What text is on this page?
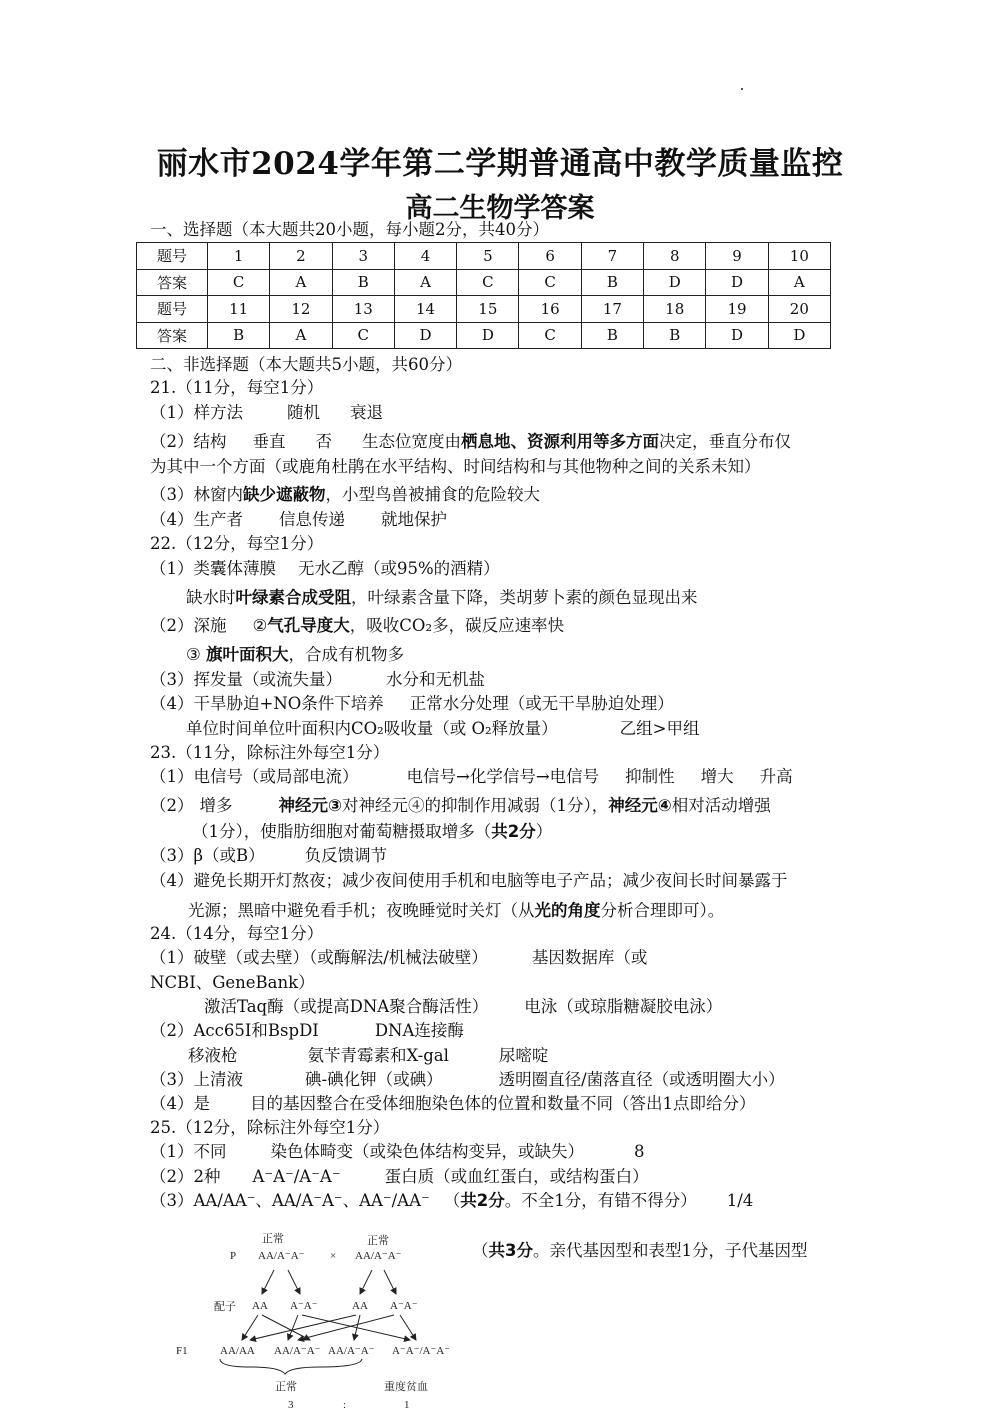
丽水市2024学年第二学期普通高中教学质量监控
高二生物学答案
一、选择题（本大题共20小题，每小题2分，共40分）
题号	1	2	3	4	5	6	7	8	9	10
答案	C	A	B	A	C	C	B	D	D	A
题号	11	12	13	14	15	16	17	18	19	20
答案	B	A	C	D	D	C	B	B	D	D
二、非选择题（本大题共5小题，共60分）
21.（11分，每空1分）
（1）样方法	随机 衰退
（2）结构 垂直 否 生态位宽度由栖息地、资源利用等多方面决定，垂直分布仅
为其中一个方面（或鹿角杜鹃在水平结构、时间结构和与其他物种之间的关系未知）
（3）林窗内缺少遮蔽物，小型鸟兽被捕食的危险较大
（4）生产者 信息传递 就地保护
22.（12分，每空1分）
（1）类囊体薄膜 无水乙醇（或95%的酒精）
缺水时叶绿素合成受阻，叶绿素含量下降，类胡萝卜素的颜色显现出来
（2）深施 ②气孔导度大，吸收CO₂多，碳反应速率快
③ 旗叶面积大，合成有机物多
（3）挥发量（或流失量）	水分和无机盐
（4）干旱胁迫+NO条件下培养 正常水分处理（或无干旱胁迫处理）
单位时间单位叶面积内CO₂吸收量（或 O₂释放量）	乙组>甲组
23.（11分，除标注外每空1分）
（1）电信号（或局部电流）	电信号→化学信号→电信号 抑制性 增大 升高
（2） 增多	神经元③对神经元④的抑制作用减弱（1分），神经元④相对活动增强
（1分），使脂肪细胞对葡萄糖摄取增多（共2分）
（3）β（或B） 负反馈调节
（4）避免长期开灯熬夜；减少夜间使用手机和电脑等电子产品；减少夜间长时间暴露于
光源；黑暗中避免看手机；夜晚睡觉时关灯（从光的角度分析合理即可）。
24.（14分，每空1分）
（1）破壁（或去壁）（或酶解法/机械法破壁）	基因数据库（或
NCBI、GeneBank）
激活Taq酶（或提高DNA聚合酶活性） 电泳（或琼脂糖凝胶电泳）
（2）Acc65I和BspDI	DNA连接酶
移液枪	氨苄青霉素和X-gal	尿嘧啶
（3）上清液	碘-碘化钾（或碘）	透明圈直径/菌落直径（或透明圈大小）
（4）是 目的基因整合在受体细胞染色体的位置和数量不同（答出1点即给分）
25.（12分，除标注外每空1分）
（1）不同	染色体畸变（或染色体结构变异，或缺失）	8
（2）2种 A⁻A⁻/A⁻A⁻	蛋白质（或血红蛋白，或结构蛋白）
（3）AA/AA⁻、AA/A⁻A⁻、AA⁻/AA⁻ （共2分。不全1分，有错不得分） 1/4
（共3分。亲代基因型和表型1分，子代基因型
正常	正常
P AA/A⁻A⁻ × AA/A⁻A⁻
配子 AA A⁻A⁻	AA A⁻A⁻
F1	AA/AA AA/A⁻A⁻ AA/A⁻A⁻ A⁻A⁻/A⁻A⁻
正常	重度贫血
3	:	1
